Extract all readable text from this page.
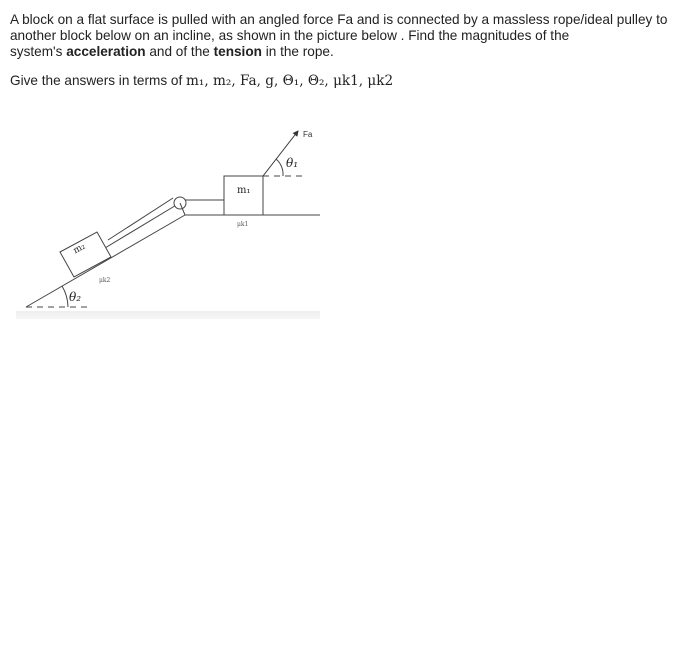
A block on a flat surface is pulled with an angled force Fa and is connected by a massless rope/ideal pulley to
another block below on an incline, as shown in the picture below . Find the magnitudes of the
system's acceleration and of the tension in the rope.

Give the answers in terms of m₁, m₂, Fa, g, Θ₁, Θ₂, μk1, μk2

Fa
θ₁
m₁
μk1
m₂
μk2
θ₂
